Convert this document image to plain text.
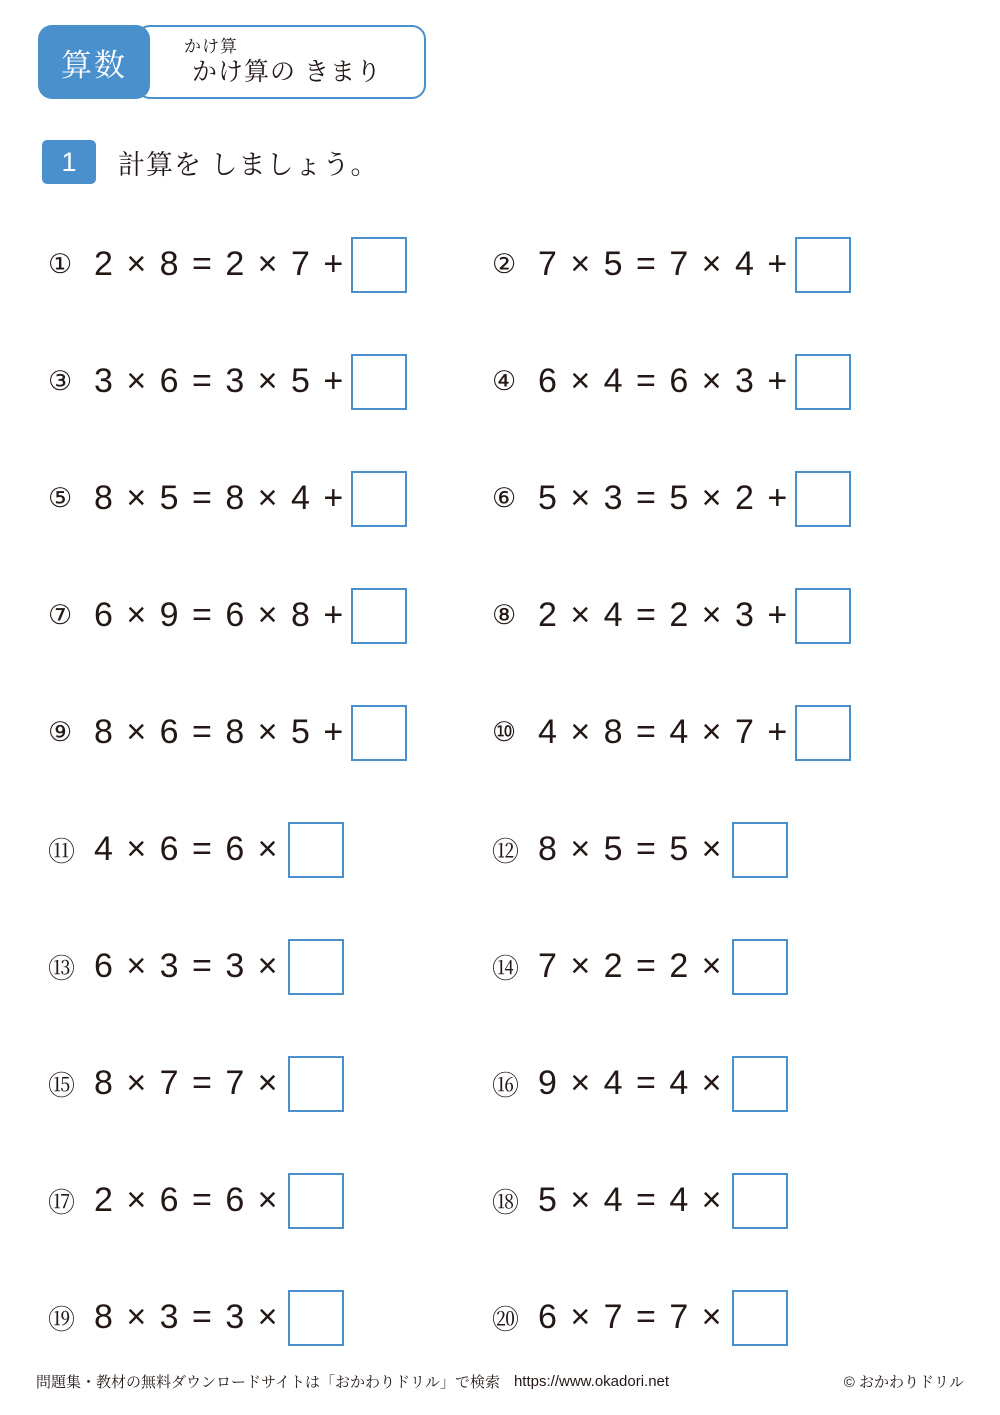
算数
かけ算
かけ算の きまり
1	計算を しましょう。
① 2 × 8 = 2 × 7 +	② 7 × 5 = 7 × 4 +
③ 3 × 6 = 3 × 5 +	④ 6 × 4 = 6 × 3 +
⑤ 8 × 5 = 8 × 4 +	⑥ 5 × 3 = 5 × 2 +
⑦ 6 × 9 = 6 × 8 +	⑧ 2 × 4 = 2 × 3 +
⑨ 8 × 6 = 8 × 5 +	⑩ 4 × 8 = 4 × 7 +
⑪ 4 × 6 = 6 ×	⑫ 8 × 5 = 5 ×
⑬ 6 × 3 = 3 ×	⑭ 7 × 2 = 2 ×
⑮ 8 × 7 = 7 ×	⑯ 9 × 4 = 4 ×
⑰ 2 × 6 = 6 ×	⑱ 5 × 4 = 4 ×
⑲ 8 × 3 = 3 ×	⑳ 6 × 7 = 7 ×
問題集・教材の無料ダウンロードサイトは「おかわりドリル」で検索 https://www.okadori.net	© おかわりドリル
